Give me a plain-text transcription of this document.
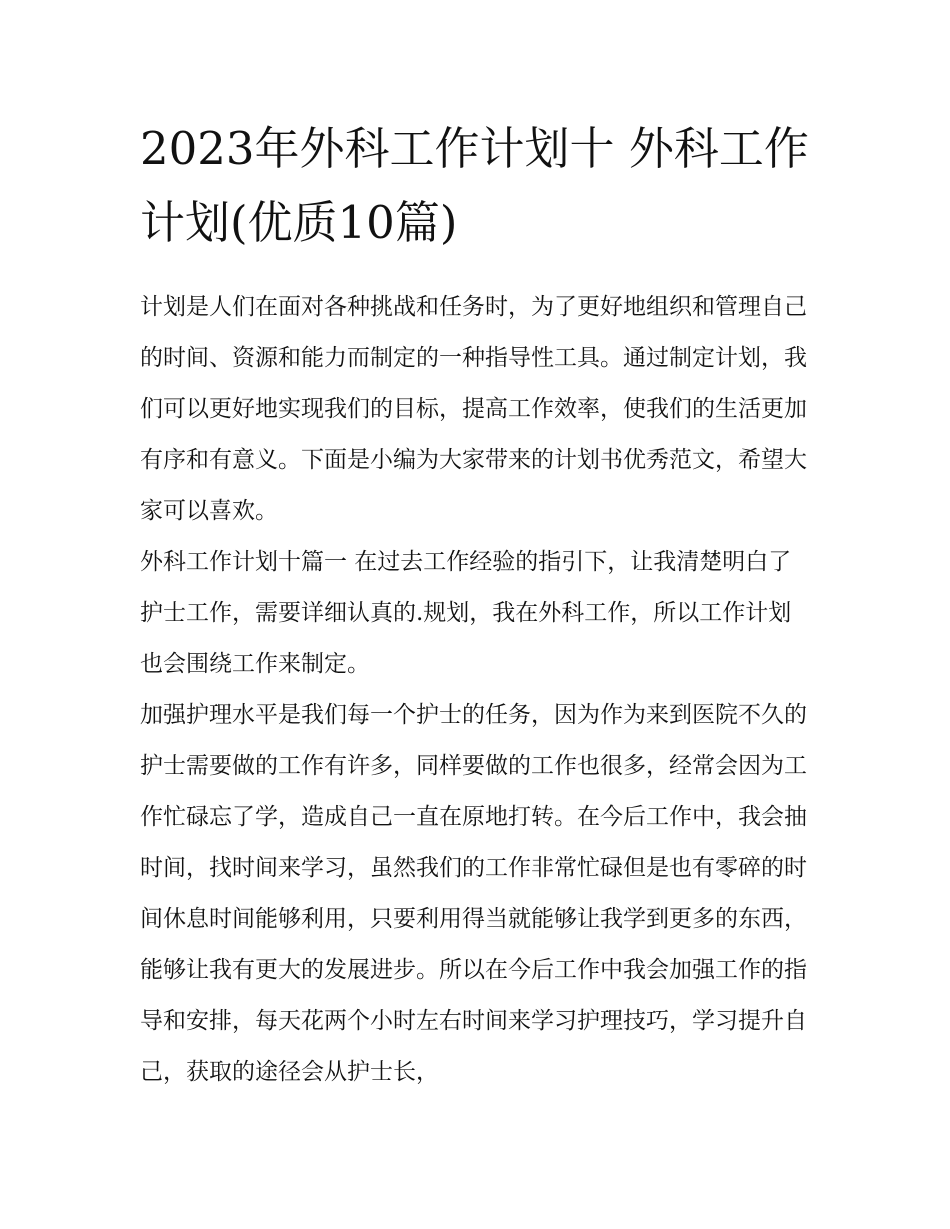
2023年外科工作计划十 外科工作计划(优质10篇)

计划是人们在面对各种挑战和任务时，为了更好地组织和管理自己的时间、资源和能力而制定的一种指导性工具。通过制定计划，我们可以更好地实现我们的目标，提高工作效率，使我们的生活更加有序和有意义。下面是小编为大家带来的计划书优秀范文，希望大家可以喜欢。

外科工作计划十篇一 在过去工作经验的指引下，让我清楚明白了护士工作，需要详细认真的.规划，我在外科工作，所以工作计划也会围绕工作来制定。

加强护理水平是我们每一个护士的任务，因为作为来到医院不久的护士需要做的工作有许多，同样要做的工作也很多，经常会因为工作忙碌忘了学，造成自己一直在原地打转。在今后工作中，我会抽时间，找时间来学习，虽然我们的工作非常忙碌但是也有零碎的时间休息时间能够利用，只要利用得当就能够让我学到更多的东西，能够让我有更大的发展进步。所以在今后工作中我会加强工作的指导和安排，每天花两个小时左右时间来学习护理技巧，学习提升自己，获取的途径会从护士长，
